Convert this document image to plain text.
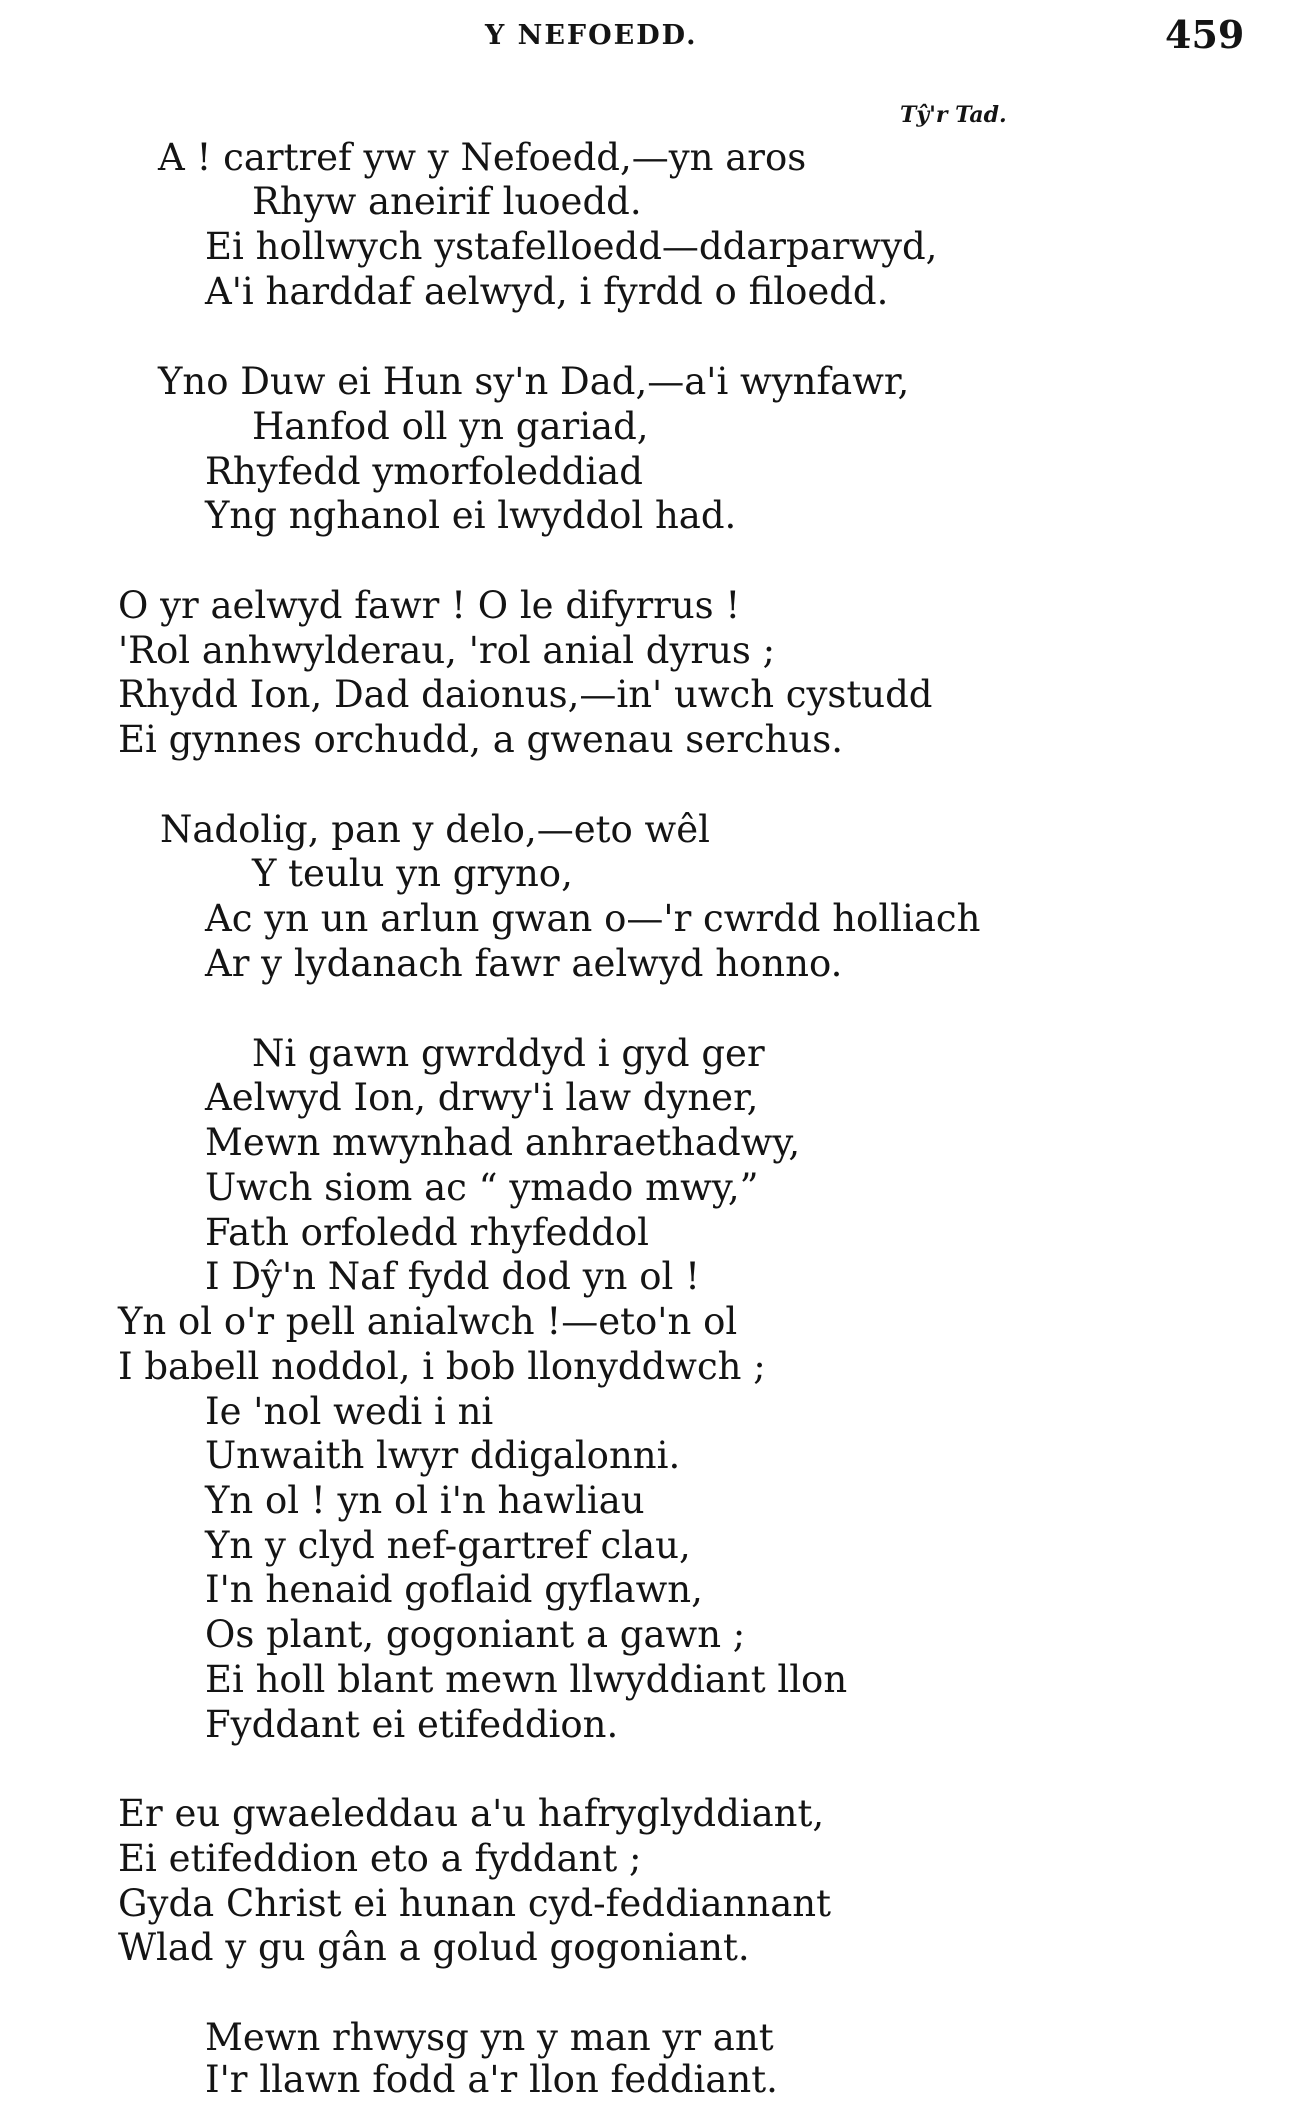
Y NEFOEDD.	459
Tŷ'r Tad.
A ! cartref yw y Nefoedd,—yn aros
Rhyw aneirif luoedd.
Ei hollwych ystafelloedd—ddarparwyd,
A'i harddaf aelwyd, i fyrdd o filoedd.
Yno Duw ei Hun sy'n Dad,—a'i wynfawr,
Hanfod oll yn gariad,
Rhyfedd ymorfoleddiad
Yng nghanol ei lwyddol had.
O yr aelwyd fawr ! O le difyrrus !
'Rol anhwylderau, 'rol anial dyrus ;
Rhydd Ion, Dad daionus,—in' uwch cystudd
Ei gynnes orchudd, a gwenau serchus.
Nadolig, pan y delo,—eto wêl
Y teulu yn gryno,
Ac yn un arlun gwan o—'r cwrdd holliach
Ar y lydanach fawr aelwyd honno.
Ni gawn gwrddyd i gyd ger
Aelwyd Ion, drwy'i law dyner,
Mewn mwynhad anhraethadwy,
Uwch siom ac “ ymado mwy,”
Fath orfoledd rhyfeddol
I Dŷ'n Naf fydd dod yn ol !
Yn ol o'r pell anialwch !—eto'n ol
I babell noddol, i bob llonyddwch ;
Ie 'nol wedi i ni
Unwaith lwyr ddigalonni.
Yn ol ! yn ol i'n hawliau
Yn y clyd nef-gartref clau,
I'n henaid goflaid gyflawn,
Os plant, gogoniant a gawn ;
Ei holl blant mewn llwyddiant llon
Fyddant ei etifeddion.
Er eu gwaeleddau a'u hafryglyddiant,
Ei etifeddion eto a fyddant ;
Gyda Christ ei hunan cyd-feddiannant
Wlad y gu gân a golud gogoniant.
Mewn rhwysg yn y man yr ant
I'r llawn fodd a'r llon feddiant.
